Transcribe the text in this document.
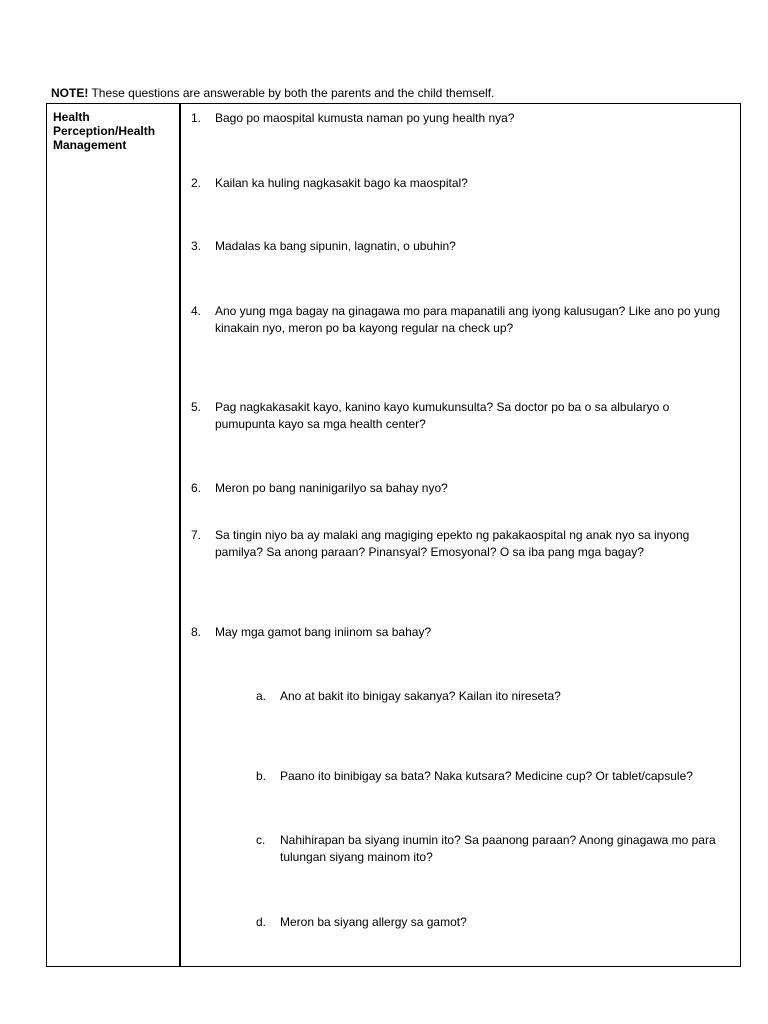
NOTE! These questions are answerable by both the parents and the child themself.
Health Perception/Health Management
1. Bago po maospital kumusta naman po yung health nya?
2. Kailan ka huling nagkasakit bago ka maospital?
3. Madalas ka bang sipunin, lagnatin, o ubuhin?
4. Ano yung mga bagay na ginagawa mo para mapanatili ang iyong kalusugan? Like ano po yung kinakain nyo, meron po ba kayong regular na check up?
5. Pag nagkakasakit kayo, kanino kayo kumukunsulta? Sa doctor po ba o sa albularyo o pumupunta kayo sa mga health center?
6. Meron po bang naninigarilyo sa bahay nyo?
7. Sa tingin niyo ba ay malaki ang magiging epekto ng pakakaospital ng anak nyo sa inyong pamilya? Sa anong paraan? Pinansyal? Emosyonal? O sa iba pang mga bagay?
8. May mga gamot bang iniinom sa bahay?
a. Ano at bakit ito binigay sakanya? Kailan ito nireseta?
b. Paano ito binibigay sa bata? Naka kutsara? Medicine cup? Or tablet/capsule?
c. Nahihirapan ba siyang inumin ito? Sa paanong paraan? Anong ginagawa mo para tulungan siyang mainom ito?
d. Meron ba siyang allergy sa gamot?
